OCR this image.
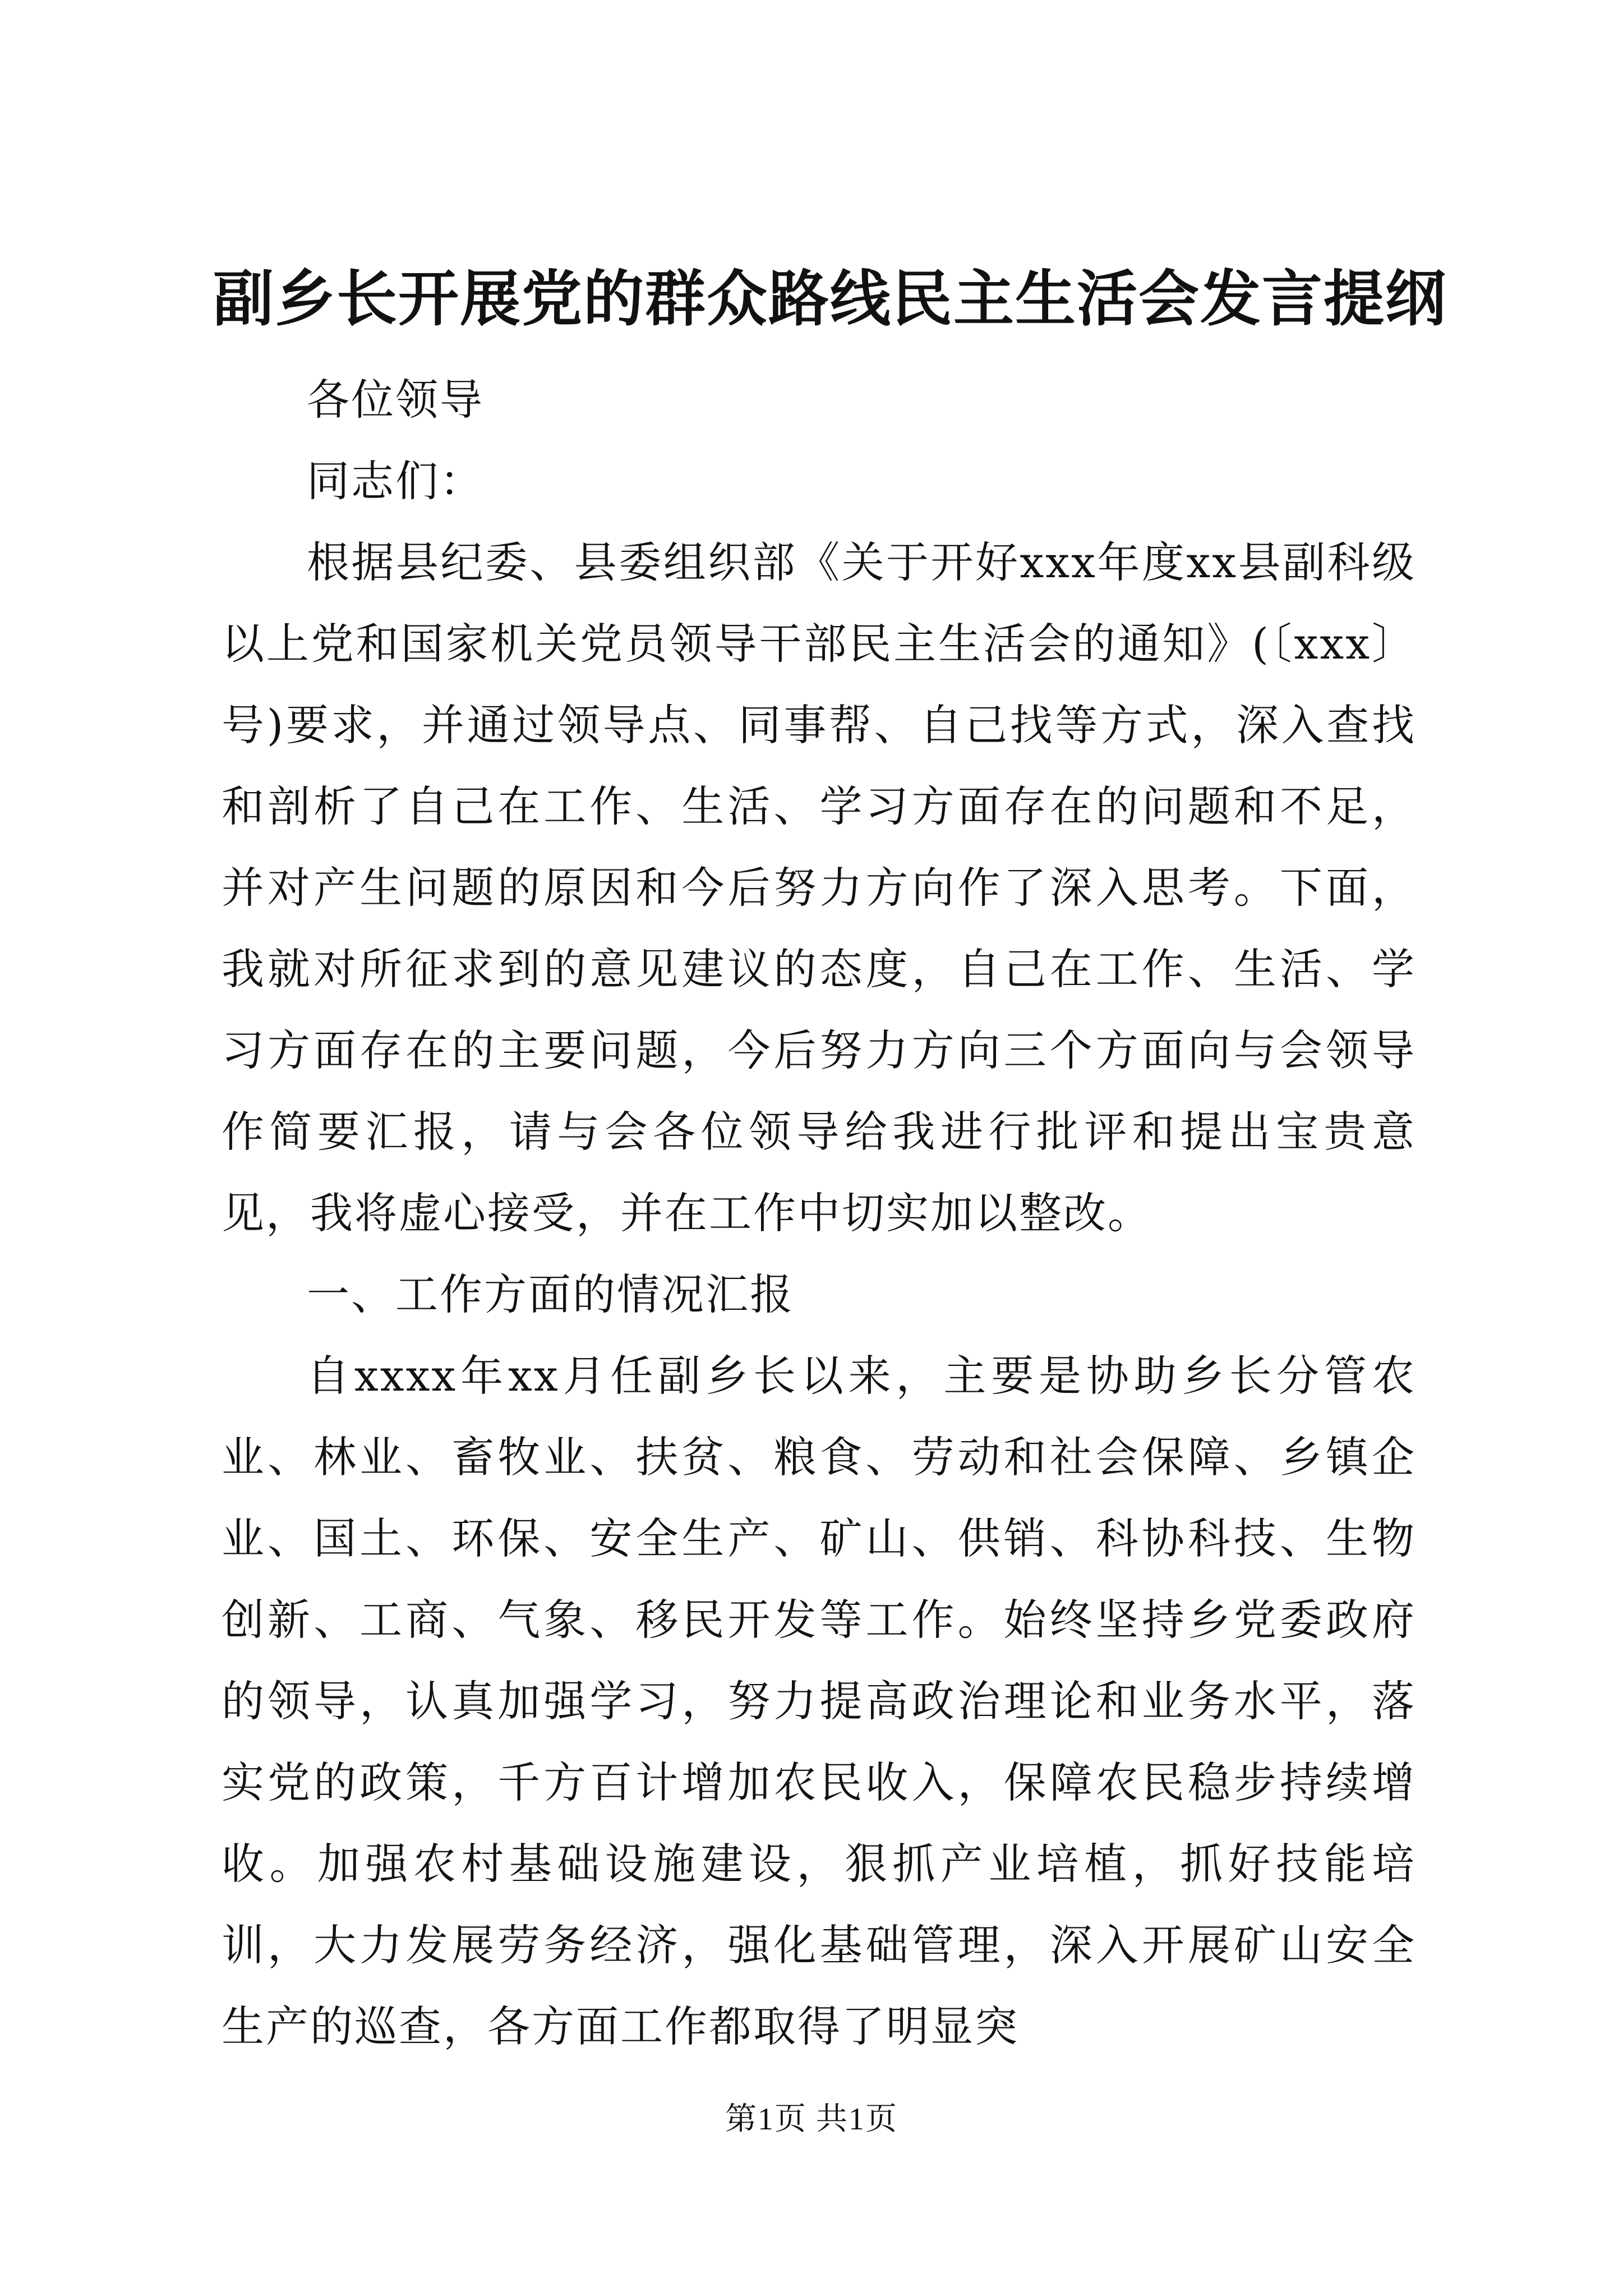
副乡长开展党的群众路线民主生活会发言提纲

各位领导

同志们：

根据县纪委、县委组织部《关于开好xxx年度xx县副科级以上党和国家机关党员领导干部民主生活会的通知》(〔xxx〕号)要求，并通过领导点、同事帮、自己找等方式，深入查找和剖析了自己在工作、生活、学习方面存在的问题和不足，并对产生问题的原因和今后努力方向作了深入思考。下面，我就对所征求到的意见建议的态度，自己在工作、生活、学习方面存在的主要问题，今后努力方向三个方面向与会领导作简要汇报，请与会各位领导给我进行批评和提出宝贵意见，我将虚心接受，并在工作中切实加以整改。

一、工作方面的情况汇报

自xxxx年xx月任副乡长以来，主要是协助乡长分管农业、林业、畜牧业、扶贫、粮食、劳动和社会保障、乡镇企业、国土、环保、安全生产、矿山、供销、科协科技、生物创新、工商、气象、移民开发等工作。始终坚持乡党委政府的领导，认真加强学习，努力提高政治理论和业务水平，落实党的政策，千方百计增加农民收入，保障农民稳步持续增收。加强农村基础设施建设，狠抓产业培植，抓好技能培训，大力发展劳务经济，强化基础管理，深入开展矿山安全生产的巡查，各方面工作都取得了明显突

第1页 共1页
